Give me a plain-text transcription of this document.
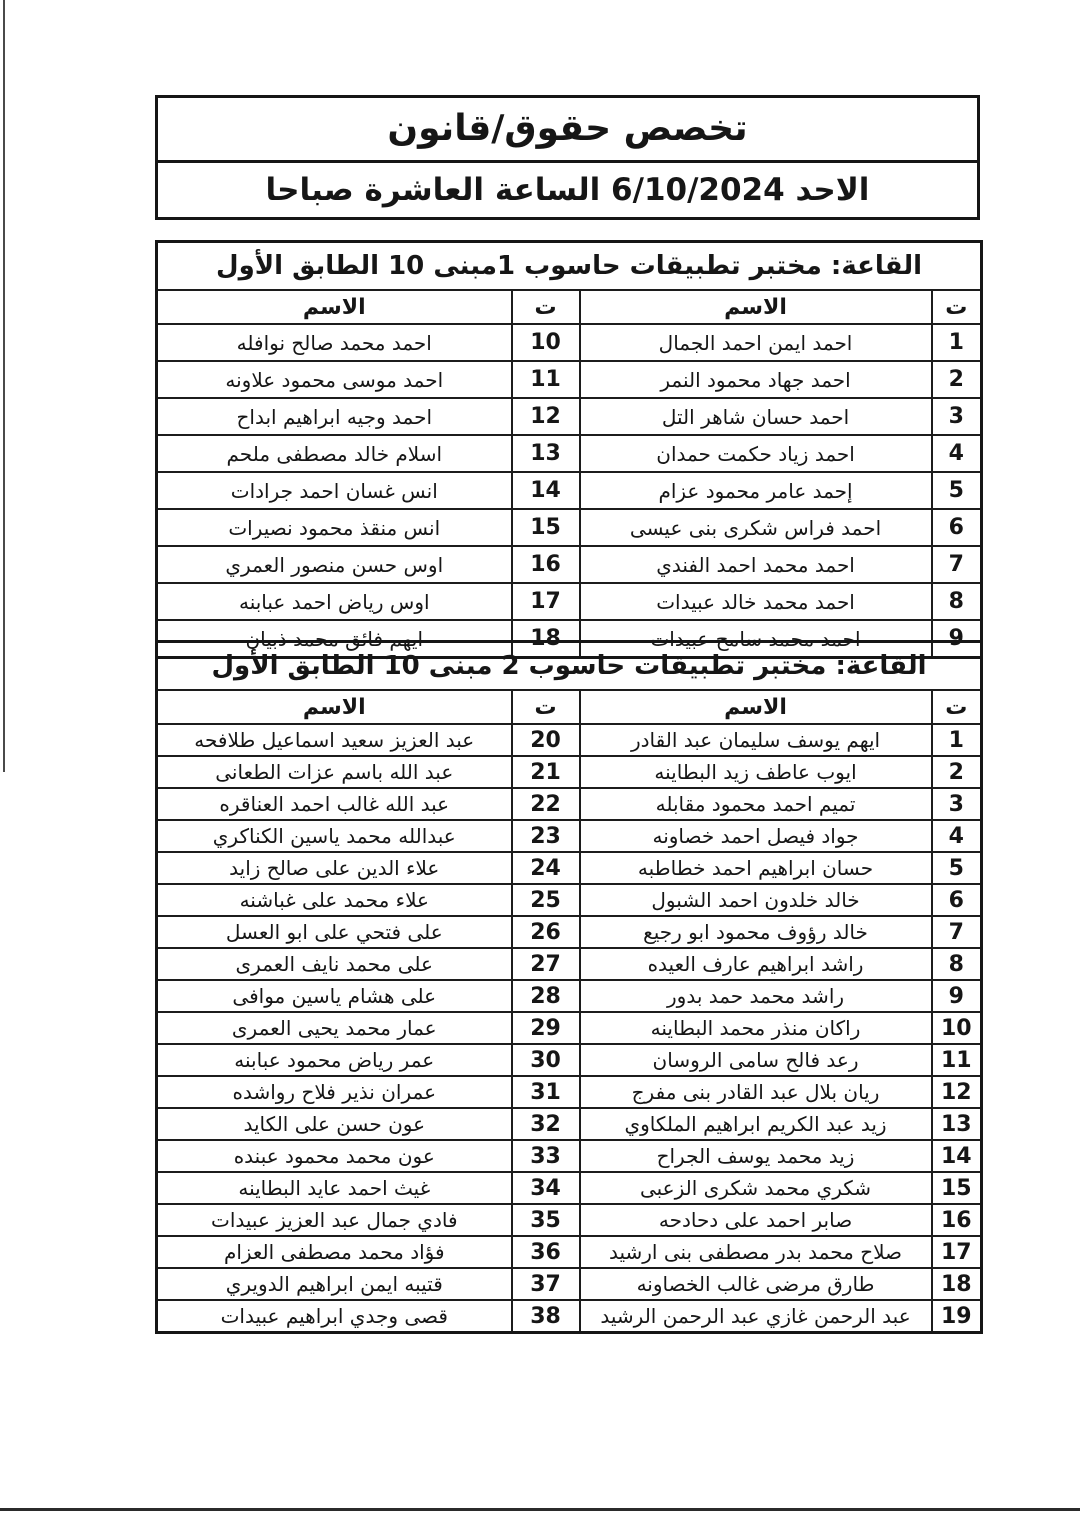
تخصص حقوق/قانون
الاحد 6/10/2024 الساعة العاشرة صباحا
القاعة: مختبر تطبيقات حاسوب 1مبنى 10 الطابق الأول			
ت	الاسم	ت	الاسم
1	احمد ايمن احمد الجمال	10	احمد محمد صالح نوافله
2	احمد جهاد محمود النمر	11	احمد موسى محمود علاونه
3	احمد حسان شاهر التل	12	احمد وجيه ابراهيم ابداح
4	احمد زياد حكمت حمدان	13	اسلام خالد مصطفى ملحم
5	إحمد عامر محمود عزام	14	انس غسان احمد جرادات
6	احمد فراس شكرى بنى عيسى	15	انس منقذ محمود نصيرات
7	احمد محمد احمد الفندي	16	اوس حسن منصور العمري
8	احمد محمد خالد عبيدات	17	اوس رياض احمد عبابنه
9	احمد محمد سامح عبيدات	18	ايهم فائق محمد ذبيان
القاعة: مختبر تطبيقات حاسوب 2 مبنى 10 الطابق الأول			
ت	الاسم	ت	الاسم
1	ايهم يوسف سليمان عبد القادر	20	عبد العزيز سعيد اسماعيل طلافحه
2	ايوب عاطف زيد البطاينه	21	عبد الله باسم عزات الطعانى
3	تميم احمد محمود مقابله	22	عبد الله غالب احمد العناقره
4	جواد فيصل احمد خصاونه	23	عبدالله محمد ياسين الكناكري
5	حسان ابراهيم احمد خطاطبه	24	علاء الدين على صالح زايد
6	خالد خلدون احمد الشبول	25	علاء محمد على غباشنه
7	خالد رؤوف محمود ابو رجيع	26	على فتحي على ابو العسل
8	راشد ابراهيم عارف العيده	27	على محمد نايف العمرى
9	راشد محمد حمد بدور	28	على هشام ياسين موافى
10	راكان منذر محمد البطاينه	29	عمار محمد يحيى العمرى
11	رعد فالح سامى الروسان	30	عمر رياض محمود عبابنه
12	ريان بلال عبد القادر بنى مفرج	31	عمران نذير فلاح رواشده
13	زيد عبد الكريم ابراهيم الملكاوي	32	عون حسن على الكايد
14	زيد محمد يوسف الجراح	33	عون محمد محمود عبنده
15	شكري محمد شكرى الزعبى	34	غيث احمد عايد البطاينه
16	صابر احمد على دحادحه	35	فادي جمال عبد العزيز عبيدات
17	صلاح محمد بدر مصطفى بنى ارشيد	36	فؤاد محمد مصطفى العزام
18	طارق مرضى غالب الخصاونه	37	قتيبه ايمن ابراهيم الدويري
19	عبد الرحمن غازي عبد الرحمن الرشيد	38	قصى وجدي ابراهيم عبيدات
